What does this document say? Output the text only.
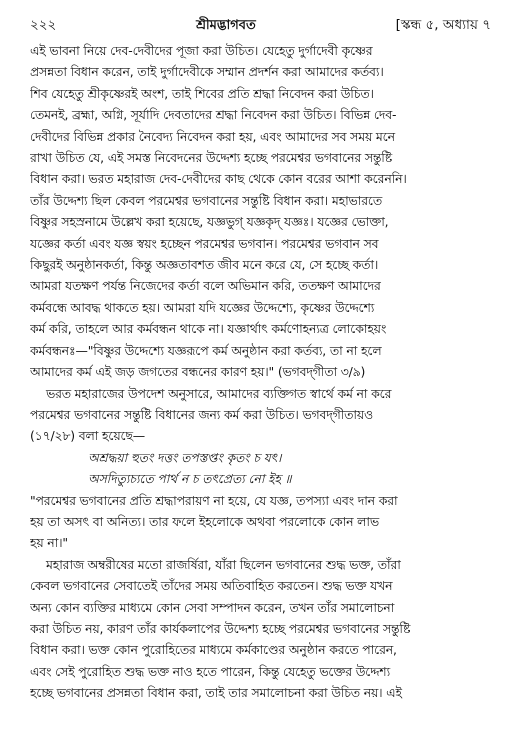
২২২	শ্রীমদ্ভাগবত	[স্কন্ধ ৫, অধ্যায় ৭
এই ভাবনা নিয়ে দেব-দেবীদের পূজা করা উচিত। যেহেতু দুর্গাদেবী কৃষ্ণের
প্রসন্নতা বিধান করেন, তাই দুর্গাদেবীকে সম্মান প্রদর্শন করা আমাদের কর্তব্য।
শিব যেহেতু শ্রীকৃষ্ণেরই অংশ, তাই শিবের প্রতি শ্রদ্ধা নিবেদন করা উচিত।
তেমনই, ব্রহ্মা, অগ্নি, সূর্যাদি দেবতাদের শ্রদ্ধা নিবেদন করা উচিত। বিভিন্ন দেব-
দেবীদের বিভিন্ন প্রকার নৈবেদ্য নিবেদন করা হয়, এবং আমাদের সব সময় মনে
রাখা উচিত যে, এই সমস্ত নিবেদনের উদ্দেশ্য হচ্ছে পরমেশ্বর ভগবানের সন্তুষ্টি
বিধান করা। ভরত মহারাজ দেব-দেবীদের কাছ থেকে কোন বরের আশা করেননি।
তাঁর উদ্দেশ্য ছিল কেবল পরমেশ্বর ভগবানের সন্তুষ্টি বিধান করা। মহাভারতে
বিষ্ণুর সহস্রনামে উল্লেখ করা হয়েছে, যজ্ঞভুগ্ যজ্ঞকৃদ্ যজ্ঞঃ। যজ্ঞের ভোক্তা,
যজ্ঞের কর্তা এবং যজ্ঞ স্বয়ং হচ্ছেন পরমেশ্বর ভগবান। পরমেশ্বর ভগবান সব
কিছুরই অনুষ্ঠানকর্তা, কিন্তু অজ্ঞতাবশত জীব মনে করে যে, সে হচ্ছে কর্তা।
আমরা যতক্ষণ পর্যন্ত নিজেদের কর্তা বলে অভিমান করি, ততক্ষণ আমাদের
কর্মবন্ধে আবদ্ধ থাকতে হয়। আমরা যদি যজ্ঞের উদ্দেশ্যে, কৃষ্ণের উদ্দেশ্যে
কর্ম করি, তাহলে আর কর্মবন্ধন থাকে না। যজ্ঞার্থাৎ কর্মণোহন্যত্র লোকোহয়ং
কর্মবন্ধনঃ—"বিষ্ণুর উদ্দেশ্যে যজ্ঞরূপে কর্ম অনুষ্ঠান করা কর্তব্য, তা না হলে
আমাদের কর্ম এই জড় জগতের বন্ধনের কারণ হয়।" (ভগবদ্‌গীতা ৩/৯)
ভরত মহারাজের উপদেশ অনুসারে, আমাদের ব্যক্তিগত স্বার্থে কর্ম না করে
পরমেশ্বর ভগবানের সন্তুষ্টি বিধানের জন্য কর্ম করা উচিত। ভগবদ্‌গীতায়ও
(১৭/২৮) বলা হয়েছে—
অশ্রদ্ধয়া হুতং দত্তং তপস্তপ্তং কৃতং চ যৎ।
অসদিত্যুচ্যতে পার্থ ন চ তৎপ্রেত্য নো ইহ ॥
"পরমেশ্বর ভগবানের প্রতি শ্রদ্ধাপরায়ণ না হয়ে, যে যজ্ঞ, তপস্যা এবং দান করা
হয় তা অসৎ বা অনিত্য। তার ফলে ইহলোকে অথবা পরলোকে কোন লাভ
হয় না।"
মহারাজ অম্বরীষের মতো রাজর্ষিরা, যাঁরা ছিলেন ভগবানের শুদ্ধ ভক্ত, তাঁরা
কেবল ভগবানের সেবাতেই তাঁদের সময় অতিবাহিত করতেন। শুদ্ধ ভক্ত যখন
অন্য কোন ব্যক্তির মাধ্যমে কোন সেবা সম্পাদন করেন, তখন তাঁর সমালোচনা
করা উচিত নয়, কারণ তাঁর কার্যকলাপের উদ্দেশ্য হচ্ছে পরমেশ্বর ভগবানের সন্তুষ্টি
বিধান করা। ভক্ত কোন পুরোহিতের মাধ্যমে কর্মকাণ্ডের অনুষ্ঠান করতে পারেন,
এবং সেই পুরোহিত শুদ্ধ ভক্ত নাও হতে পারেন, কিন্তু যেহেতু ভক্তের উদ্দেশ্য
হচ্ছে ভগবানের প্রসন্নতা বিধান করা, তাই তার সমালোচনা করা উচিত নয়। এই
